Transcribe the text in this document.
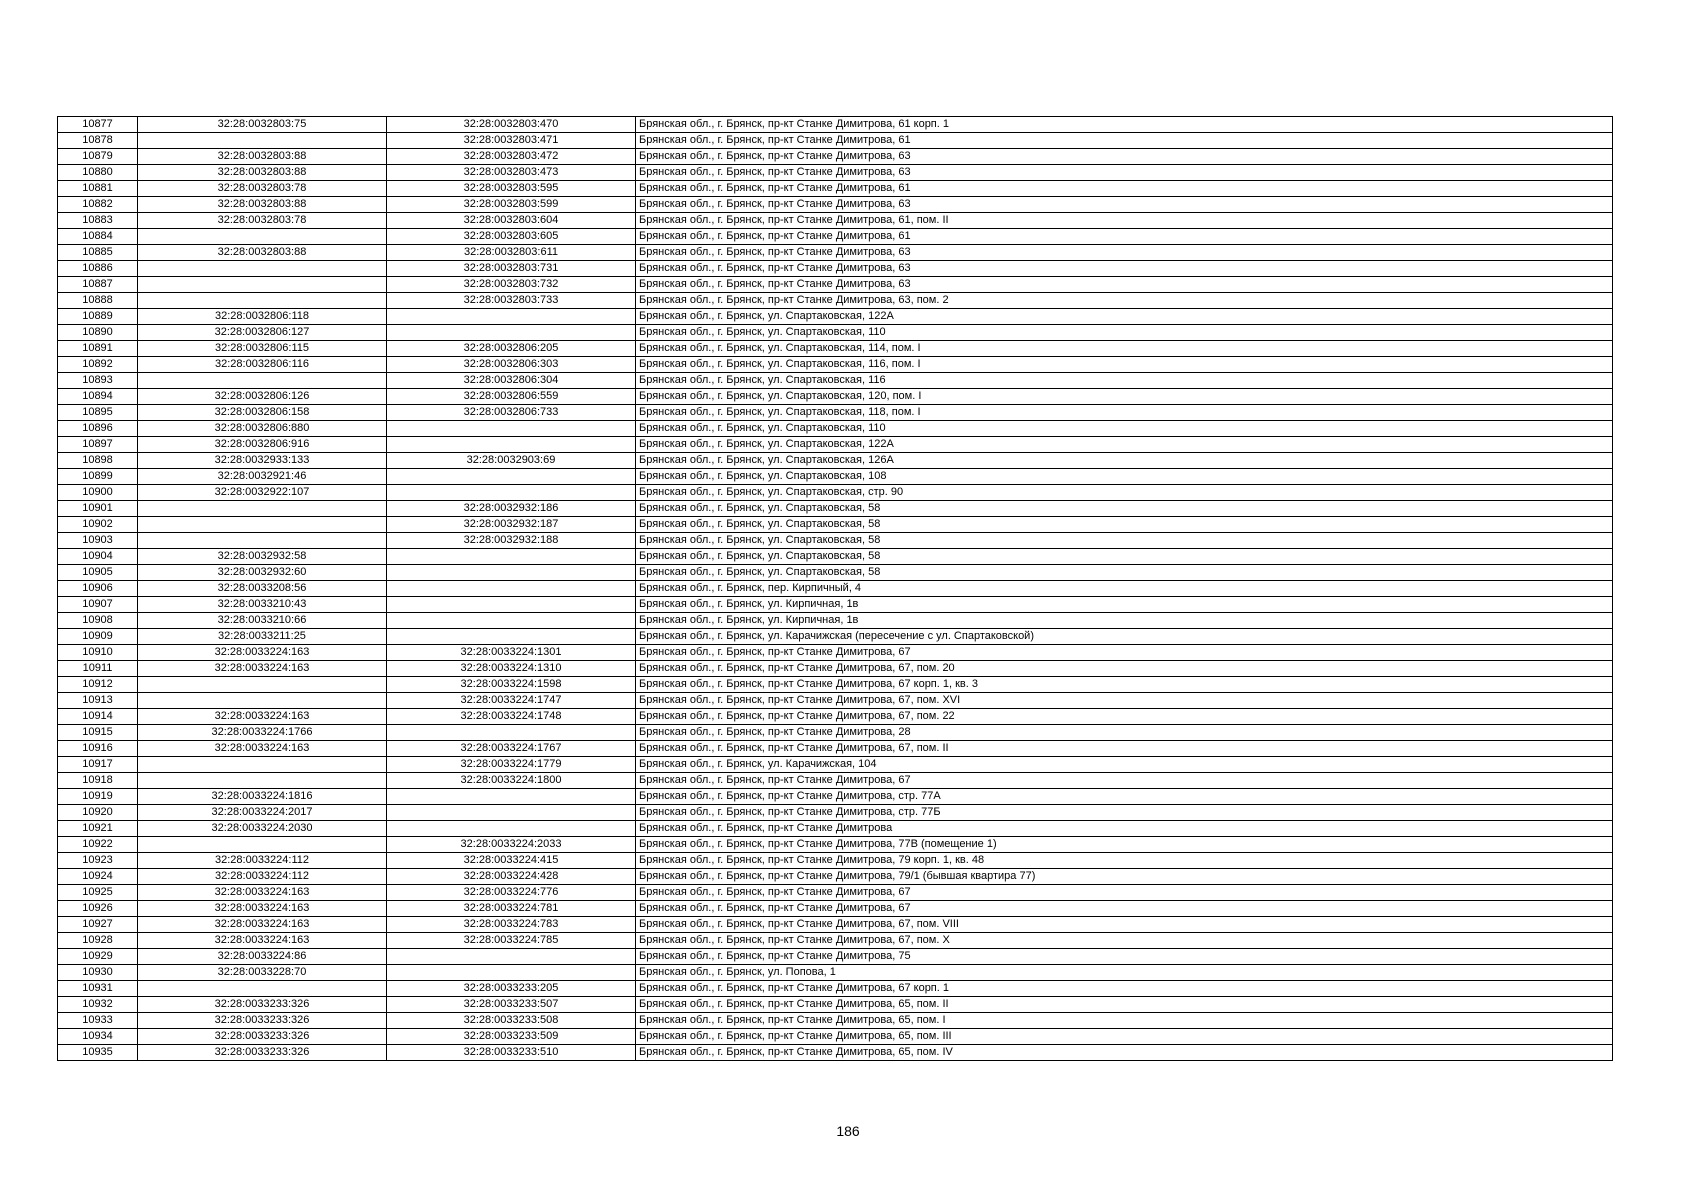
10877	32:28:0032803:75	32:28:0032803:470	Брянская обл., г. Брянск, пр-кт Станке Димитрова, 61 корп. 1
10878		32:28:0032803:471	Брянская обл., г. Брянск, пр-кт Станке Димитрова, 61
10879	32:28:0032803:88	32:28:0032803:472	Брянская обл., г. Брянск, пр-кт Станке Димитрова, 63
10880	32:28:0032803:88	32:28:0032803:473	Брянская обл., г. Брянск, пр-кт Станке Димитрова, 63
10881	32:28:0032803:78	32:28:0032803:595	Брянская обл., г. Брянск, пр-кт Станке Димитрова, 61
10882	32:28:0032803:88	32:28:0032803:599	Брянская обл., г. Брянск, пр-кт Станке Димитрова, 63
10883	32:28:0032803:78	32:28:0032803:604	Брянская обл., г. Брянск, пр-кт Станке Димитрова, 61, пом. II
10884		32:28:0032803:605	Брянская обл., г. Брянск, пр-кт Станке Димитрова, 61
10885	32:28:0032803:88	32:28:0032803:611	Брянская обл., г. Брянск, пр-кт Станке Димитрова, 63
10886		32:28:0032803:731	Брянская обл., г. Брянск, пр-кт Станке Димитрова, 63
10887		32:28:0032803:732	Брянская обл., г. Брянск, пр-кт Станке Димитрова, 63
10888		32:28:0032803:733	Брянская обл., г. Брянск, пр-кт Станке Димитрова, 63, пом. 2
10889	32:28:0032806:118		Брянская обл., г. Брянск, ул. Спартаковская, 122А
10890	32:28:0032806:127		Брянская обл., г. Брянск, ул. Спартаковская, 110
10891	32:28:0032806:115	32:28:0032806:205	Брянская обл., г. Брянск, ул. Спартаковская, 114, пом. I
10892	32:28:0032806:116	32:28:0032806:303	Брянская обл., г. Брянск, ул. Спартаковская, 116, пом. I
10893		32:28:0032806:304	Брянская обл., г. Брянск, ул. Спартаковская, 116
10894	32:28:0032806:126	32:28:0032806:559	Брянская обл., г. Брянск, ул. Спартаковская, 120, пом. I
10895	32:28:0032806:158	32:28:0032806:733	Брянская обл., г. Брянск, ул. Спартаковская, 118, пом. I
10896	32:28:0032806:880		Брянская обл., г. Брянск, ул. Спартаковская, 110
10897	32:28:0032806:916		Брянская обл., г. Брянск, ул. Спартаковская, 122А
10898	32:28:0032933:133	32:28:0032903:69	Брянская обл., г. Брянск, ул. Спартаковская, 126А
10899	32:28:0032921:46		Брянская обл., г. Брянск, ул. Спартаковская, 108
10900	32:28:0032922:107		Брянская обл., г. Брянск, ул. Спартаковская, стр. 90
10901		32:28:0032932:186	Брянская обл., г. Брянск, ул. Спартаковская, 58
10902		32:28:0032932:187	Брянская обл., г. Брянск, ул. Спартаковская, 58
10903		32:28:0032932:188	Брянская обл., г. Брянск, ул. Спартаковская, 58
10904	32:28:0032932:58		Брянская обл., г. Брянск, ул. Спартаковская, 58
10905	32:28:0032932:60		Брянская обл., г. Брянск, ул. Спартаковская, 58
10906	32:28:0033208:56		Брянская обл., г. Брянск, пер. Кирпичный, 4
10907	32:28:0033210:43		Брянская обл., г. Брянск, ул. Кирпичная, 1в
10908	32:28:0033210:66		Брянская обл., г. Брянск, ул. Кирпичная, 1в
10909	32:28:0033211:25		Брянская обл., г. Брянск, ул. Карачижская (пересечение с ул. Спартаковской)
10910	32:28:0033224:163	32:28:0033224:1301	Брянская обл., г. Брянск, пр-кт Станке Димитрова, 67
10911	32:28:0033224:163	32:28:0033224:1310	Брянская обл., г. Брянск, пр-кт Станке Димитрова, 67, пом. 20
10912		32:28:0033224:1598	Брянская обл., г. Брянск, пр-кт Станке Димитрова, 67 корп. 1, кв. 3
10913		32:28:0033224:1747	Брянская обл., г. Брянск, пр-кт Станке Димитрова, 67, пом. XVI
10914	32:28:0033224:163	32:28:0033224:1748	Брянская обл., г. Брянск, пр-кт Станке Димитрова, 67, пом. 22
10915	32:28:0033224:1766		Брянская обл., г. Брянск, пр-кт Станке Димитрова, 28
10916	32:28:0033224:163	32:28:0033224:1767	Брянская обл., г. Брянск, пр-кт Станке Димитрова, 67, пом. II
10917		32:28:0033224:1779	Брянская обл., г. Брянск, ул. Карачижская, 104
10918		32:28:0033224:1800	Брянская обл., г. Брянск, пр-кт Станке Димитрова, 67
10919	32:28:0033224:1816		Брянская обл., г. Брянск, пр-кт Станке Димитрова, стр. 77А
10920	32:28:0033224:2017		Брянская обл., г. Брянск, пр-кт Станке Димитрова, стр. 77Б
10921	32:28:0033224:2030		Брянская обл., г. Брянск, пр-кт Станке Димитрова
10922		32:28:0033224:2033	Брянская обл., г. Брянск, пр-кт Станке Димитрова, 77В (помещение 1)
10923	32:28:0033224:112	32:28:0033224:415	Брянская обл., г. Брянск, пр-кт Станке Димитрова, 79 корп. 1, кв. 48
10924	32:28:0033224:112	32:28:0033224:428	Брянская обл., г. Брянск, пр-кт Станке Димитрова, 79/1 (бывшая квартира 77)
10925	32:28:0033224:163	32:28:0033224:776	Брянская обл., г. Брянск, пр-кт Станке Димитрова, 67
10926	32:28:0033224:163	32:28:0033224:781	Брянская обл., г. Брянск, пр-кт Станке Димитрова, 67
10927	32:28:0033224:163	32:28:0033224:783	Брянская обл., г. Брянск, пр-кт Станке Димитрова, 67, пом. VIII
10928	32:28:0033224:163	32:28:0033224:785	Брянская обл., г. Брянск, пр-кт Станке Димитрова, 67, пом. X
10929	32:28:0033224:86		Брянская обл., г. Брянск, пр-кт Станке Димитрова, 75
10930	32:28:0033228:70		Брянская обл., г. Брянск, ул. Попова, 1
10931		32:28:0033233:205	Брянская обл., г. Брянск, пр-кт Станке Димитрова, 67 корп. 1
10932	32:28:0033233:326	32:28:0033233:507	Брянская обл., г. Брянск, пр-кт Станке Димитрова, 65, пом. II
10933	32:28:0033233:326	32:28:0033233:508	Брянская обл., г. Брянск, пр-кт Станке Димитрова, 65, пом. I
10934	32:28:0033233:326	32:28:0033233:509	Брянская обл., г. Брянск, пр-кт Станке Димитрова, 65, пом. III
10935	32:28:0033233:326	32:28:0033233:510	Брянская обл., г. Брянск, пр-кт Станке Димитрова, 65, пом. IV
186
